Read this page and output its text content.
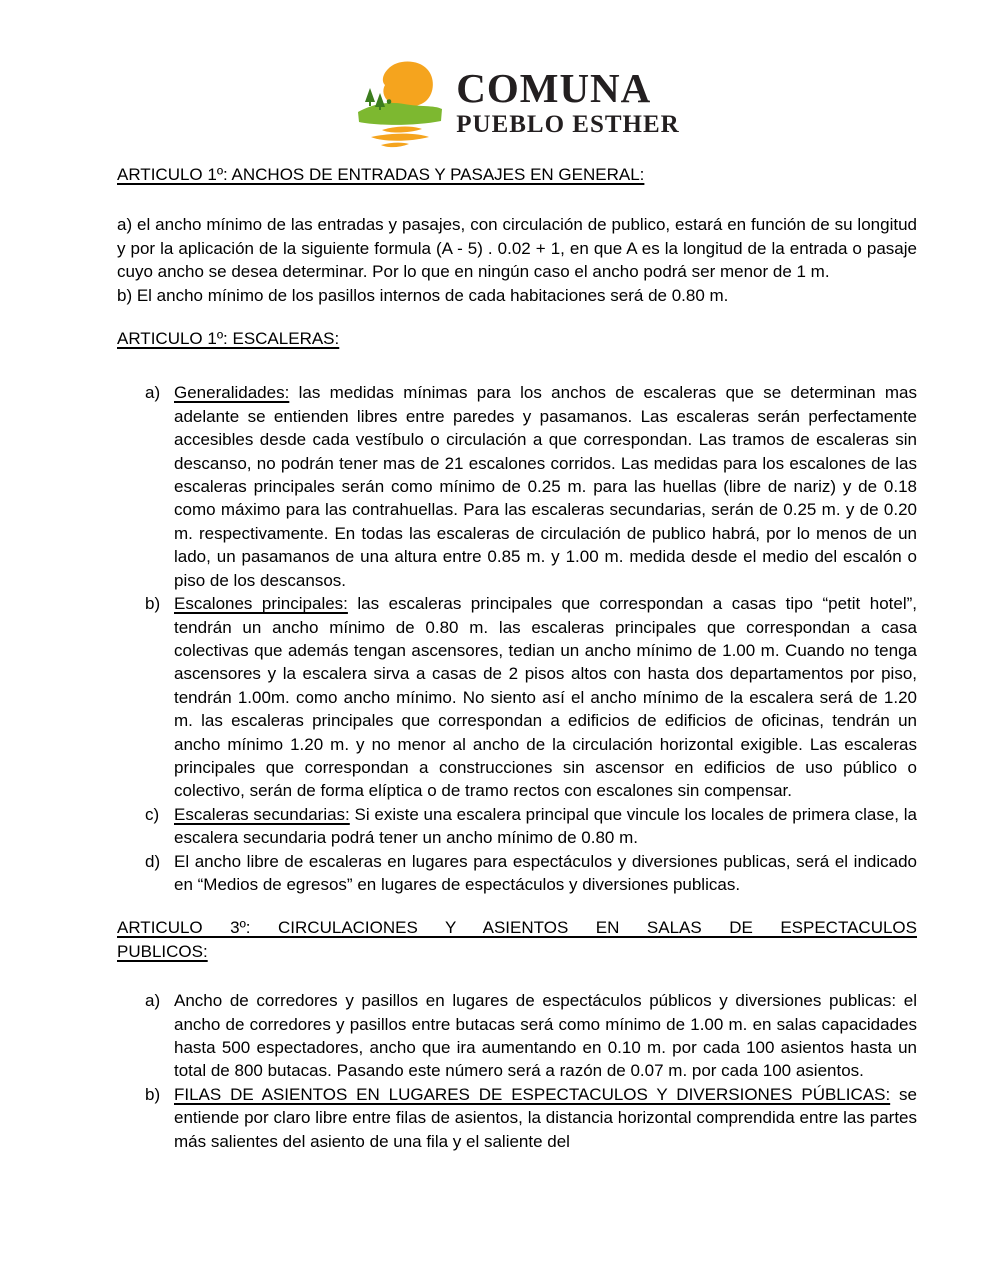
COMUNA
PUEBLO ESTHER
ARTICULO 1º: ANCHOS DE ENTRADAS Y PASAJES EN GENERAL:

a) el ancho mínimo de las entradas y pasajes, con circulación de publico, estará en función de su longitud y por la aplicación de la siguiente formula (A - 5) . 0.02 + 1, en que A es la longitud de la entrada o pasaje cuyo ancho se desea determinar. Por lo que en ningún caso el ancho podrá ser menor de 1 m.

b) El ancho mínimo de los pasillos internos de cada habitaciones será de 0.80 m.

ARTICULO 1º: ESCALERAS:
a) Generalidades: las medidas mínimas para los anchos de escaleras que se determinan mas adelante se entienden libres entre paredes y pasamanos. Las escaleras serán perfectamente accesibles desde cada vestíbulo o circulación a que correspondan. Las tramos de escaleras sin descanso, no podrán tener mas de 21 escalones corridos. Las medidas para los escalones de las escaleras principales serán como mínimo de 0.25 m. para las huellas (libre de nariz) y de 0.18 como máximo para las contrahuellas. Para las escaleras secundarias, serán de 0.25 m. y de 0.20 m. respectivamente. En todas las escaleras de circulación de publico habrá, por lo menos de un lado, un pasamanos de una altura entre 0.85 m. y 1.00 m. medida desde el medio del escalón o piso de los descansos.
b) Escalones principales: las escaleras principales que correspondan a casas tipo “petit hotel”, tendrán un ancho mínimo de 0.80 m. las escaleras principales que correspondan a casa colectivas que además tengan ascensores, tedian un ancho mínimo de 1.00 m. Cuando no tenga ascensores y la escalera sirva a casas de 2 pisos altos con hasta dos departamentos por piso, tendrán 1.00m. como ancho mínimo. No siento así el ancho mínimo de la escalera será de 1.20 m. las escaleras principales que correspondan a edificios de edificios de oficinas, tendrán un ancho mínimo 1.20 m. y no menor al ancho de la circulación horizontal exigible. Las escaleras principales que correspondan a construcciones sin ascensor en edificios de uso público o colectivo, serán de forma elíptica o de tramo rectos con escalones sin compensar.
c) Escaleras secundarias: Si existe una escalera principal que vincule los locales de primera clase, la escalera secundaria podrá tener un ancho mínimo de 0.80 m.
d) El ancho libre de escaleras en lugares para espectáculos y diversiones publicas, será el indicado en “Medios de egresos” en lugares de espectáculos y diversiones publicas.
ARTICULO 3º: CIRCULACIONES Y ASIENTOS EN SALAS DE ESPECTACULOS
PUBLICOS:
a) Ancho de corredores y pasillos en lugares de espectáculos públicos y diversiones publicas: el ancho de corredores y pasillos entre butacas será como mínimo de 1.00 m. en salas capacidades hasta 500 espectadores, ancho que ira aumentando en 0.10 m. por cada 100 asientos hasta un total de 800 butacas. Pasando este número será a razón de 0.07 m. por cada 100 asientos.
b) FILAS DE ASIENTOS EN LUGARES DE ESPECTACULOS Y DIVERSIONES PÚBLICAS: se entiende por claro libre entre filas de asientos, la distancia horizontal comprendida entre las partes más salientes del asiento de una fila y el saliente del
